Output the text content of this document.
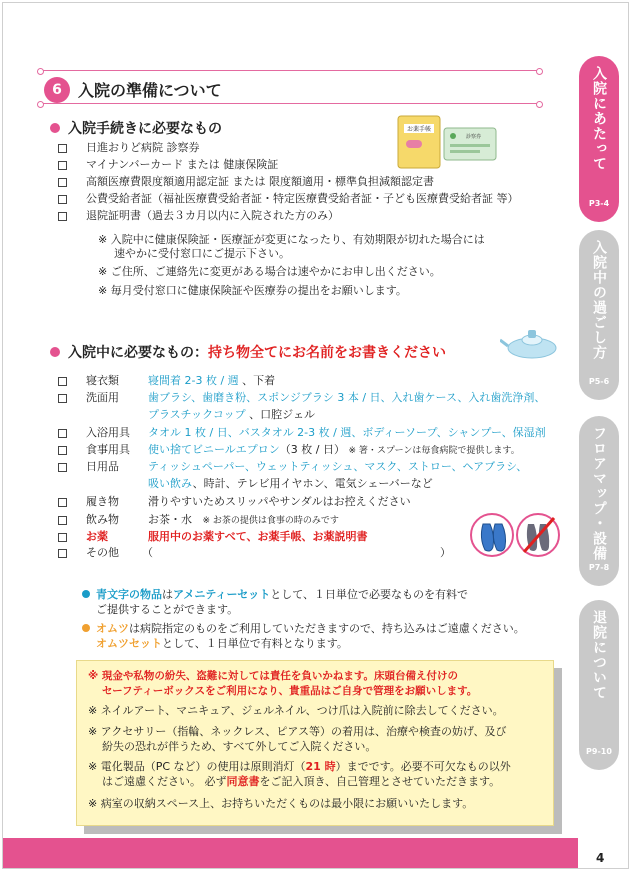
6	入院の準備について
入院手続きに必要なもの
日進おりど病院 診察券
マイナンバーカード または 健康保険証
高額医療費限度額適用認定証 または 限度額適用・標準負担減額認定書
公費受給者証（福祉医療費受給者証・特定医療費受給者証・子ども医療費受給者証 等）
退院証明書（過去３カ月以内に入院された方のみ）
※ 入院中に健康保険証・医療証が変更になったり、有効期限が切れた場合には
速やかに受付窓口にご提示下さい。
※ ご住所、ご連絡先に変更がある場合は速やかにお申し出ください。
※ 毎月受付窓口に健康保険証や医療券の提出をお願いします。
お薬手帳
診察券
入院中に必要なもの： 持ち物全てにお名前をお書きください
寝衣類	寝間着 2-3 枚 / 週 、下着
洗面用	歯ブラシ、歯磨き粉、スポンジブラシ 3 本 / 日、入れ歯ケース、入れ歯洗浄剤、
プラスチックコップ 、口腔ジェル
入浴用具 タオル 1 枚 / 日、バスタオル 2-3 枚 / 週、ボディーソープ、シャンプー、保湿剤
食事用具 使い捨てビニールエプロン（3 枚 / 日） ※ 箸・スプーンは毎食病院で提供します。
日用品	ティッシュペーパー、ウェットティッシュ、マスク、ストロー、ヘアブラシ、
吸い飲み、時計、テレビ用イヤホン、電気シェーバーなど
履き物	滑りやすいためスリッパやサンダルはお控えください
飲み物	お茶・水 ※ お茶の提供は食事の時のみです
お薬	服用中のお薬すべて、お薬手帳、お薬説明書
その他 （	）
青文字の物品はアメニティーセットとして、１日単位で必要なものを有料で
ご提供することができます。
オムツは病院指定のものをご利用していただきますので、持ち込みはご遠慮ください。
オムツセットとして、１日単位で有料となります。
※ 現金や私物の紛失、盗難に対しては責任を負いかねます。床頭台備え付けの
セーフティーボックスをご利用になり、貴重品はご自身で管理をお願いします。
※ ネイルアート、マニキュア、ジェルネイル、つけ爪は入院前に除去してください。
※ アクセサリー（指輪、ネックレス、ピアス等）の着用は、治療や検査の妨げ、及び
紛失の恐れが伴うため、すべて外してご入院ください。
※ 電化製品（PC など）の使用は原則消灯（21 時）までです。必要不可欠なもの以外
はご遠慮ください。 必ず同意書をご記入頂き、自己管理とさせていただきます。
※ 病室の収納スペース上、お持ちいただくものは最小限にお願いいたします。
入院にあたって
P3-4
入院中の過ごし方
P5-6
フロアマップ・設備
P7-8
退院について
P9-10
4
